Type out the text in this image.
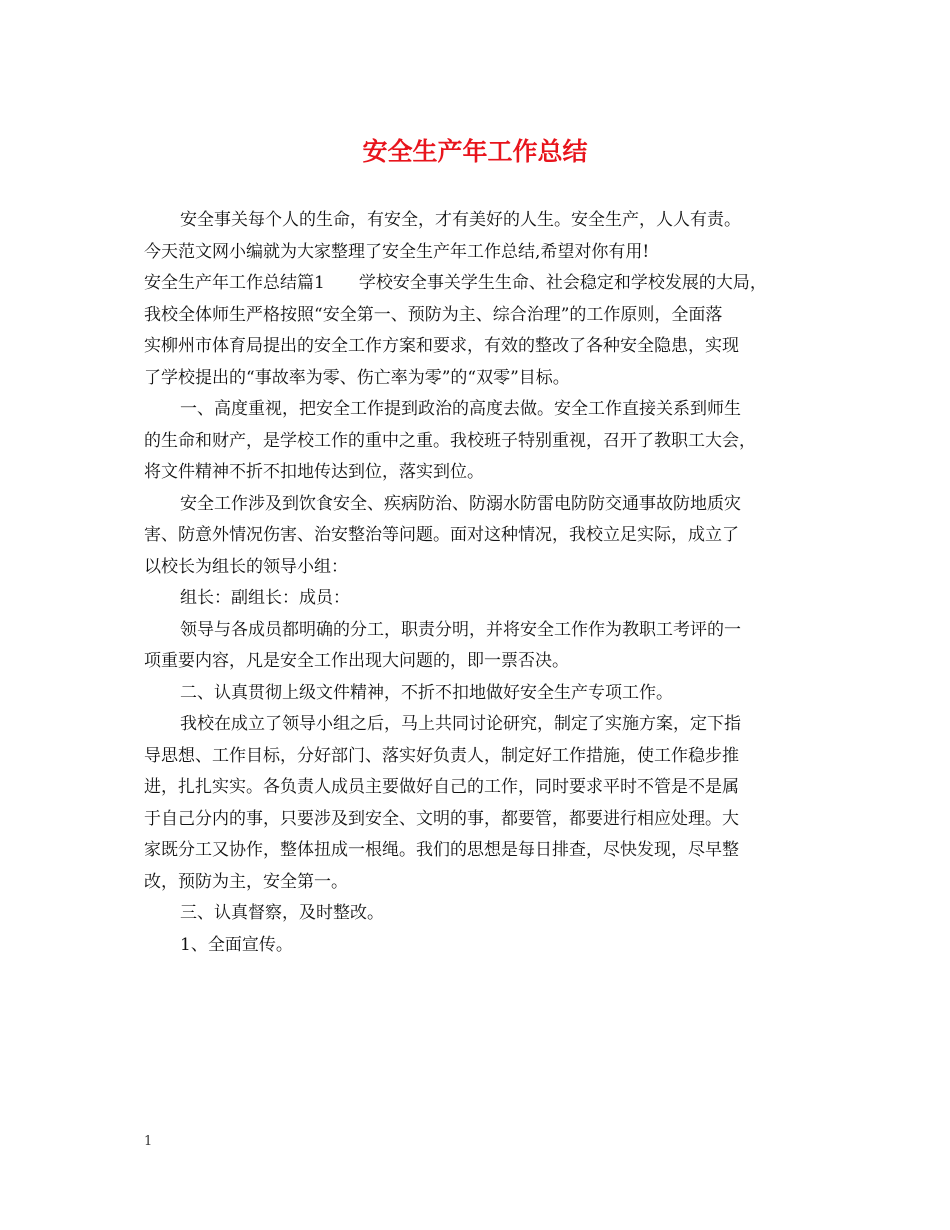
安全生产年工作总结
安全事关每个人的生命，有安全，才有美好的人生。安全生产，人人有责。
今天范文网小编就为大家整理了安全生产年工作总结,希望对你有用!
安全生产年工作总结篇1　　学校安全事关学生生命、社会稳定和学校发展的大局，
我校全体师生严格按照“安全第一、预防为主、综合治理”的工作原则，全面落
实柳州市体育局提出的安全工作方案和要求，有效的整改了各种安全隐患，实现
了学校提出的“事故率为零、伤亡率为零”的“双零”目标。
一、高度重视，把安全工作提到政治的高度去做。安全工作直接关系到师生
的生命和财产，是学校工作的重中之重。我校班子特别重视，召开了教职工大会，
将文件精神不折不扣地传达到位，落实到位。
安全工作涉及到饮食安全、疾病防治、防溺水防雷电防防交通事故防地质灾
害、防意外情况伤害、治安整治等问题。面对这种情况，我校立足实际，成立了
以校长为组长的领导小组：
组长：副组长：成员：
领导与各成员都明确的分工，职责分明，并将安全工作作为教职工考评的一
项重要内容，凡是安全工作出现大问题的，即一票否决。
二、认真贯彻上级文件精神，不折不扣地做好安全生产专项工作。
我校在成立了领导小组之后，马上共同讨论研究，制定了实施方案，定下指
导思想、工作目标，分好部门、落实好负责人，制定好工作措施，使工作稳步推
进，扎扎实实。各负责人成员主要做好自己的工作，同时要求平时不管是不是属
于自己分内的事，只要涉及到安全、文明的事，都要管，都要进行相应处理。大
家既分工又协作，整体扭成一根绳。我们的思想是每日排查，尽快发现，尽早整
改，预防为主，安全第一。
三、认真督察，及时整改。
1、全面宣传。
1
